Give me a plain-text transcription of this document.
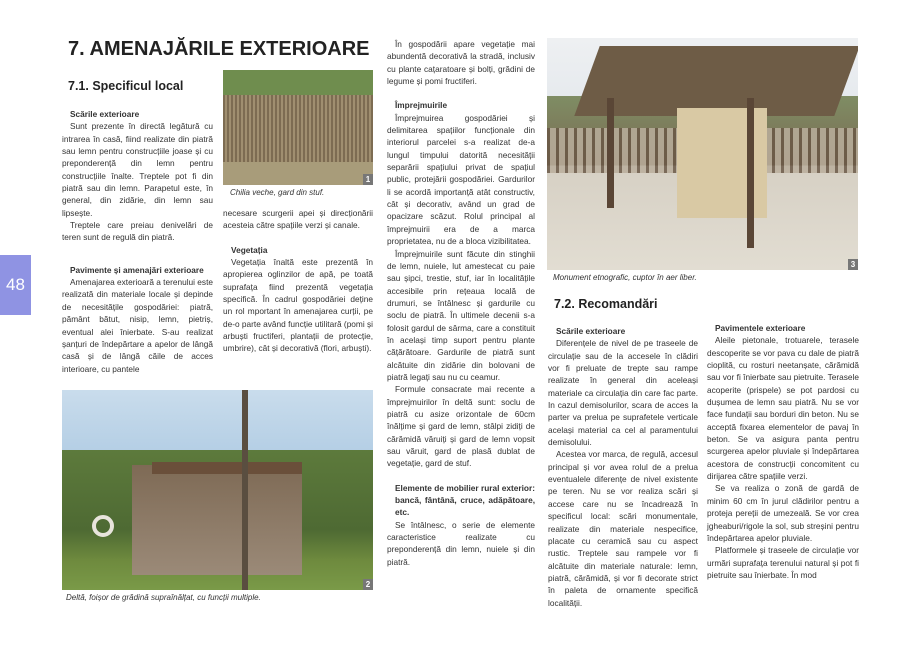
48
7. AMENAJĂRILE EXTERIOARE
7.1. Specificul local
7.2. Recomandări
1
Chilia veche, gard din stuf.
2
Deltă, foișor de grădină supraînălțat, cu funcții multiple.
3
Monument etnografic, cuptor în aer liber.
Scările exterioare

Sunt prezente în directă legătură cu intrarea în casă, fiind realizate din piatră sau lemn pentru construcțiile joase și cu preponderență din lemn pentru construcțiile înalte. Treptele pot fi din piatră sau din lemn. Parapetul este, în general, din zidărie, din lemn sau lipsește.

Treptele care preiau denivelări de teren sunt de regulă din piatră.

Pavimente și amenajări exterioare

Amenajarea exterioară a terenului este realizată din materiale locale și depinde de necesitățile gospodăriei: piatră, pământ bătut, nisip, lemn, pietriș, eventual alei înierbate. S-au realizat șanțuri de îndepărtare a apelor de lângă casă și de lângă căile de acces interioare, cu pantele

necesare scurgerii apei și direcționării acesteia către spațiile verzi și canale.

Vegetația

Vegetația înaltă este prezentă în apropierea oglinzilor de apă, pe toată suprafața fiind prezentă vegetația specifică. În cadrul gospodăriei deține un rol mportant în amenajarea curții, pe de-o parte având funcție utilitară (pomi și arbuști fructiferi, plantații de protecție, umbrire), cât și decorativă (flori, arbuști).

În gospodării apare vegetație mai abundentă decorativă la stradă, inclusiv cu plante cațaratoare și bolți, grădini de legume și pomi fructiferi.

Împrejmuirile

Împrejmuirea gospodăriei și delimitarea spațiilor funcționale din interiorul parcelei s-a realizat de-a lungul timpului datorită necesității separării spațiului privat de spațiul public, protejării gospodăriei. Gardurilor li se acordă importanță atât constructiv, cât și decorativ, având un grad de opacizare scăzut. Rolul principal al împrejmuirii era de a marca proprietatea, nu de a bloca vizibilitatea.

Împrejmuirile sunt făcute din stinghii de lemn, nuiele, lut amestecat cu paie sau șipci, trestie, stuf, iar în localitățile accesibile prin rețeaua locală de drumuri, se întâlnesc și gardurile cu soclu de piatră. În ultimele decenii s-a folosit gardul de sârma, care a constituit în același timp suport pentru plante cățărătoare. Gardurile de piatră sunt alcătuite din zidărie din bolovani de piatră legați sau nu cu ceamur.

Formule consacrate mai recente a împrejmuirilor în deltă sunt: soclu de piatră cu asize orizontale de 60cm înălțime și gard de lemn, stâlpi zidiți de cărămidă văruiți și gard de lemn vopsit sau văruit, gard de plasă dublat de vegetație, gard de stuf.

Elemente de mobilier rural exterior: bancă, fântână, cruce, adăpătoare, etc.

Se întâlnesc, o serie de elemente caracteristice realizate cu preponderență din lemn, nuiele și din piatră.

Scările exterioare

Diferențele de nivel de pe traseele de circulație sau de la accesele în clădiri vor fi preluate de trepte sau rampe realizate în general din aceleași materiale ca circulația din care fac parte. In cazul demisolurilor, scara de acces la parter va prelua pe suprafetele verticale același material ca cel al paramentului demisolului.

Acestea vor marca, de regulă, accesul principal și vor avea rolul de a prelua eventualele diferențe de nivel existente pe teren. Nu se vor realiza scări și accese care nu se încadrează în specificul local: scări monumentale, realizate din materiale nespecifice, placate cu ceramică sau cu aspect rustic. Treptele sau rampele vor fi alcătuite din materiale naturale: lemn, piatră, cărămidă, și vor fi decorate strict în paleta de ornamente specifică localității.

Pavimentele exterioare

Aleile pietonale, trotuarele, terasele descoperite se vor pava cu dale de piatră cioplită, cu rosturi neetanșate, cărămidă sau vor fi înierbate sau pietruite. Terasele acoperite (prispele) se pot pardosi cu dușumea de lemn sau piatră. Nu se vor face fundații sau borduri din beton. Nu se acceptă fixarea elementelor de pavaj în beton. Se va asigura panta pentru scurgerea apelor pluviale și îndepărtarea acestora de construcții concomitent cu dirijarea către spațiile verzi.

Se va realiza o zonă de gardă de minim 60 cm în jurul clădirilor pentru a proteja pereții de umezeală. Se vor crea jgheaburi/rigole la sol, sub streșini pentru îndepărtarea apelor pluviale.

Platformele și traseele de circulație vor urmări suprafața terenului natural și pot fi pietruite sau înierbate. În mod
